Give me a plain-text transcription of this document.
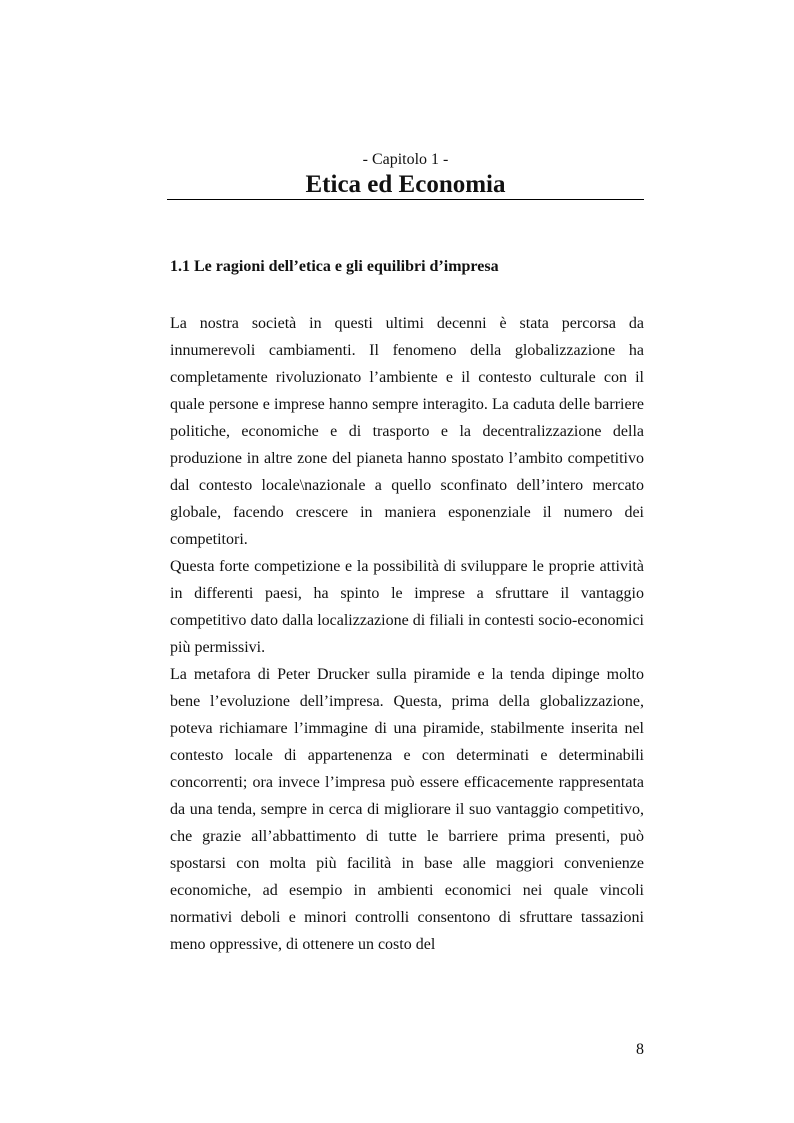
- Capitolo 1 -
Etica ed Economia
1.1 Le ragioni dell’etica e gli equilibri d’impresa

La nostra società in questi ultimi decenni è stata percorsa da innumerevoli cambiamenti. Il fenomeno della globalizzazione ha completamente rivoluzionato l’ambiente e il contesto culturale con il quale persone e imprese hanno sempre interagito. La caduta delle barriere politiche, economiche e di trasporto e la decentralizzazione della produzione in altre zone del pianeta hanno spostato l’ambito competitivo dal contesto locale\nazionale a quello sconfinato dell’intero mercato globale, facendo crescere in maniera esponenziale il numero dei competitori.

Questa forte competizione e la possibilità di sviluppare le proprie attività in differenti paesi, ha spinto le imprese a sfruttare il vantaggio competitivo dato dalla localizzazione di filiali in contesti socio-economici più permissivi.

La metafora di Peter Drucker sulla piramide e la tenda dipinge molto bene l’evoluzione dell’impresa. Questa, prima della globalizzazione, poteva richiamare l’immagine di una piramide, stabilmente inserita nel contesto locale di appartenenza e con determinati e determinabili concorrenti; ora invece l’impresa può essere efficacemente rappresentata da una tenda, sempre in cerca di migliorare il suo vantaggio competitivo, che grazie all’abbattimento di tutte le barriere prima presenti, può spostarsi con molta più facilità in base alle maggiori convenienze economiche, ad esempio in ambienti economici nei quale vincoli normativi deboli e minori controlli consentono di sfruttare tassazioni meno oppressive, di ottenere un costo del

8
